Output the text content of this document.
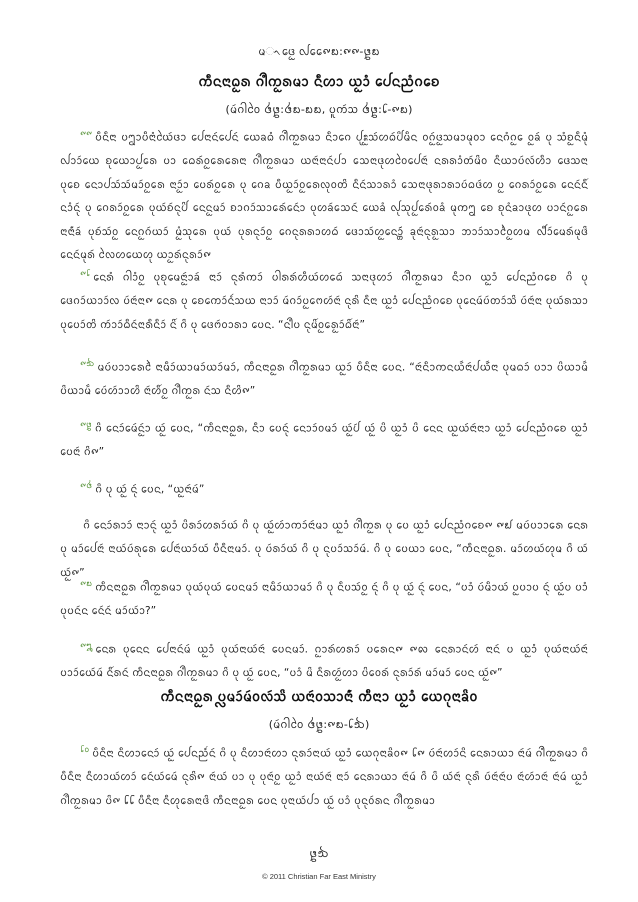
ᨾᨚᨴᩮᩬ ᩓᩯ᪑᪗:᪑᪑-᪔᪗
ᨠᩥᨶᨶᩣᨵᩬᩁ ᨣᩤᩴᨠᩬᩁᨾᩣ ᨶᩥᩉᩣ ᨿᩬᩣᩴ ᨸᩮᨶᨬᩴᨣᨧᩮ
(ᨾᩢᨣᩤᩅᩱ ᪕᪔:᪕᪗-᪗᪗, ᨷᩪᨠᩢᩈ ᪕᪔:᪒-᪑᪗)
$^{᪑᪑}$ ᨷᩥᨶᩥᨶᩣ ᨷᩂᩣᨷᩥᨶᩣᩴᨿᩱᩢᨴᩣ ᨸᩮᨶᩣᨶᩢᨸᩮᨶᩢ ᨿᩮᨡᨵᩴ ᨣᩤᩴᨠᩬᩁᨾᩣ ᨶᩥᩣᨣᩮ ᨸᩩᩡᩬᩈᩢᩉᨵᩢᨸᩦᨾᩥᨶ ᩅᨣᩬᩢᨴᩬᩈᨾᩣᨾᩩᩅᩣ ᨶᩮᨣᩴᨣᩬᩮ ᩅᩬᨡᩢ ᨷᩩ ᩈᩴᨧᩬᨶᩥᨾᩩᩴ ᩓᩣᩣᩢᨿᩮ ᨧᩩᨿᩮᩣᨸᩬᩁᩮ ᨷᩣ ᨵᩮᩁᩢᩅᩬᩁᩮᩁᩮᨶᩣ ᨣᩤᩴᨠᩬᩁᨾᩣ ᨿᨶᩣᩢᨶᩣᨶᩢᨸᩣ ᩈᩮᨶᩣᨴᩩᩉᩅᩱᨸᩮᨶᩣᩢ ᨶᩁᩁᩣᩴᨲᩢᨾᩦᩅ ᨶᩥᨿᩣᨷᩢᩃᩢᩉᩥᩣ ᨴᩮᩈᨶᩣ ᨷᩩᨧᩮ ᨶᩮᩣᨸᩈᩢᩈᩢᨾᩣᩢᩅᩬᩁᩮ ᨶᩣᩣᩬᩢᩣ ᨷᩮᩁᩢᩅᩬᩁᩮ ᨷᩩ ᨣᩮᨡ ᨷᩥᨿᩬᩣᩢᩅᩬᩁᩮᩃᩩᩅᨲᩦ ᨶᩥᨶᩢᩈᩣᩁᩣᩴ ᩈᩮᨶᩣᨴᩩᩁᩣᩁᩣᨷᩢᨵᨴᩢᩉ ᨷᩬ ᨣᩮᩁᩣᩢᩅᩬᩁᩮ ᨶᩮᨶᩢᨶᩥᩢ ᨶᩴᩣᨶᩩᩢ ᨷᩩ ᨣᩮᩁᩣᩢᩅᩬᩁᩮ ᨷᩩᨿᩢᨧᩢᨶᩩᨸᩦ ᨶᩮᨶᩬᨾᩣᩢ ᨧᩣᨣᩣᩢᩈᩣᩁᩮᩢᨶᩮᩢᩣ ᨷᩩᩉᨡᩢᩈᩮᨶᩢ ᨿᩮᨡᩴ ᩓᩩᩈᩩᨸᩬᩮᩁᩢᩅᨡᩴ ᨾᩩᨠᩂ ᨧᩮ ᨧᩩᨶᩴᨡᩣᨴᩩᩉ ᨷᩣᨶᩢᨣᩬᩁᩮ ᨶᩣᨶᩣᩢᩴᨡᩢ ᨷᩩᨧᩢᩈᩢᩅᩬ ᨶᩮᨣᩬᨣᩢᨿᩣᩢ ᨾᩴᩬᩈᩩᩁᩮ ᨷᩩᨿᩢ ᨷᩩᩁᨶᩩᩣᩢᩅᩬ ᨣᩮᨶᩩᩁᩁᩣᩉᨵᩢ ᨴᩮᩣᩈᩢᩉᩬᨶᩮᩣᩢ᩠ᨲᩢ ᨡᩩᨶᩣᩢᨶᩩᩁᩬᩈᩣ ᨽᩣᩣᩢᩈᩣᩱᩴᩅᩬᩉᨾ ᩓᩥᩣᩢᨾᩮᩁᩢᨾᩩᨴᩦ ᨶᩮᨶᩢᨾᩩᩁᩢ ᩃᩱᩉᨿᩮᩉᩩ ᨿᩣᩬᩁᩢᨶᩩᩁᩣᩢ᪑
$^{᪑᪒}$ ᨶᩮᩁᩴ ᨣᩤᩣᩴᩅᩬ ᨷᩩᨧᩩᨾᩮᨶᩣᩢᩬᩣᨡᩢ ᨶᩣᩣᩢ ᨶᩩᩁᩴᨠᩣᩢ ᨷᩤᩁᩁᩢᩉᩥᨿᩢᩉᨵᩮᩢ ᩈᨶᩣᨴᩩᩉᩣᩢ ᨣᩤᩴᨠᩬᩁᨾᩣ ᨶᩥᩣᨣ ᨿᩬᩣᩴ ᨸᩮᨶᨬᩴᨣᨧᩮ ᨣᩦ ᨷᩩ ᨴᩮᨣᩣᩢᨿᩣᩣᩢᩃ ᨷᩢᨶᩣᩢᨶᩣ᪑ ᨶᩮᩁ ᨷᩩ ᨧᩮᨠᩮᩣᩢᨶᩴᩢᩈᨿ ᨶᩣᩣᩣᩢ ᨾᩢᨣᩣᩢᨷᩬᨻᩮᩉᩢᨶᩣᩢ ᨶᩩᩁᩦ ᨶᩥᨶᩣ ᨿᩬᩣᩴ ᨸᩮᨶᨬᩴᨣᨧᩮ ᨷᩩᨶᩮᨾᩢᨷᩢᨲᩣᩢᩈᩦ ᨷᩢᨶᩣᩢᨶᩣ ᨷᩩᨿᩢᩁᩈᩣ ᨷᩩᨷᩮᩣᩢᨲᩦ ᨠᩢᩣᩣᩢᨵᩥᨶᩢᨶᩣᩁᩥᨶᩥᩣᩢ ᨶᩦᩢ ᨣᩦ ᨷᩩ ᨴᩮᨻᩢᩅᩣᩁᩣ ᨷᩮᨶ. “ᨶᩤᩴᨷ ᨶᩩᨾᩦᩢᩅᩬᩁᩮᩬᩣᩢᨵᩦᩢᨶᩣᩢ”
$^{᪑᪓}$ ᨾᨷᩢᨷᩣᩣᩁᩮᩱᩢ ᨶᩣᨾᩥᩣᩢᨿᩣᨾᩣᩢᨿᩣᩢᨾᩣᩢ, ᨠᩥᨶᨶᩣᨵᩬᩁ ᨣᩤᩴᨠᩬᩁᨾᩣ ᨿᩬᩣᩢ ᨷᩥᨶᩥᨶᩣ ᨷᩮᨶ. “ᨶᩣᩢᨶᩥᩣᨠᨶᨿᩢᩢᨶᩣᩢᨸᨿᩢᩢᩢᨶᩣ ᨷᩩᨾᨵᩣᩢ ᨷᩣᩣ ᨷᩦᨿᩣᨾᩢᩢ ᨷᩦᨿᩣᨾᩢᩢ ᨷᩮᩢᩉᩢᩣᩣᩉᩦ ᨶᩣᩢᩉᩥᩢᩅᩬ ᨣᩤᩴᨠᩬᩁ ᨶᩢᩈ ᨶᩥᩉᩦ᪑”
$^{᪑᪔}$ ᨣᩦ ᨶᩮᩣᩢᨾᩮᩢᨶᩬᩢᩣ ᨿᩬᩢ ᨷᩮᨶ, “ᨠᩥᨶᨶᩣᨵᩬᩁ, ᨶᩥᩣ ᨷᩮᨶᩩᩢ ᨶᩮᩣᩣᩢᩅᨾᩣᩢ ᨿᩬᩢᨸᩢ ᨿᩬᩢ ᨷᩦ ᨿᩬᩣᩴ ᨷᩦ ᨶᩮᨶ ᨿᩬᨿᩢᨶᩣᩢᨶᩣᩣ ᨿᩬᩣᩴ ᨸᩮᨶᨬᩴᨣᨧᩮ ᨿᩬᩣᩴ ᨷᩮᨶᩣᩢ ᨣᩦ᪑”
$^{᪑᪕}$ ᨣᩦ ᨷᩩ ᨿᩬᩢ ᨶᩩᩢ ᨷᩮᨶ, “ᨿᩬᨶᩣᩢᨾᩢ”
ᨣᩦ ᨶᩮᩣᩢᩁᩣᩣᩢ ᨶᩣᩣᨶᩩᩢ ᨿᩬᩣᩴ ᨷᩦᩁᩣᩢᩉᩁᩣᩢᨿᩢ ᨣᩦ ᨷᩩ ᨿᩬᩢᩉᩢᩣᨠᩣᩢᨶᩣᩢᨾᩣ ᨿᩬᩣᩴ ᨣᩤᩴᨠᩬᩁ ᨷᩩ ᨷᩮ ᨿᩬᩣᩴ ᨸᩮᨶᨬᩴᨣᨧᩮ᪑ ᪑᪖ ᨾᨷᩢᨷᩣᩣᩁᩮ ᨶᩮᩁ ᨷᩩ ᨾᩣᩢᨸᩮᨶᩣᩢ ᨶᩣᨿᩢᨷᩢᩁᩩᩁᩮ ᨸᩮᨶᩣᩢᨿᩣᩢᨿᩢ ᨷᩥᨶᩥᨶᩣᨾᩣᩢ. ᨷᩩ ᨷᩢᩁᩣᩢᨿᩢ ᨣᩦ ᨷᩩ ᨶᩩᨷᩣᩢᩈᩣᩢᨾᩢ. ᨣᩦ ᨷᩩ ᨷᩮᨿᩣ ᨷᩮᨶ, “ᨠᩥᨶᨶᩣᨵᩬᩁ. ᨾᩣᩢᩉᨿᩢᩉᩩᨾ ᨣᩦ ᨿᩢ ᨿᩬᩢ᪑”
$^{᪑᪗}$ ᨠᩥᨶᨶᩣᨵᩬᩁ ᨣᩤᩴᨠᩬᩁᨾᩣ ᨷᩩᨿᩢᨷᩩᨿᩢ ᨷᩮᨶᨾᩣᩢ ᨶᩣᨾᩥᩣᩢᨿᩣᨾᩣᩢ ᨣᩦ ᨷᩩ ᨶᩥᨷᩈᩢᩅᩬ ᨶᩩᩢ ᨣᩦ ᨷᩩ ᨿᩬᩢ ᨶᩩᩢ ᨷᩮᨶ, “ᨷᩣᩴ ᨷᩢᨾᩥᩣᨿᩢ ᨷᩬᨷᩣᨷ ᨶᩩᩢ ᨿᩬᩢᨷ ᨷᩣᩴ ᨷᩩᨷᨶᩢᨶ ᨶᩮᩢᨶᩢ ᨾᩣᩢᨿᩢᩣ?”
$^{᪑᪘}$ ᨶᩮᩁ ᨷᩩᨶᩮᨶ ᨸᩮᨶᩣᨶᩢᨾᩢ ᨿᩬᩣᩴ ᨷᩩᨿᩢᨶᩣᨿᩢᨶᩣᩢ ᨷᩮᨶᨾᩣᩢ. ᨣᩬᩣᩁᩢᩉᩁᩣᩢ ᨷᩁᩮᨶ᪑ ᪑᪙ ᨶᩮᩁᩣᨶᩢᩉᩢ ᨶᩣᨶᩢ ᨷ ᨿᩬᩣᩴ ᨷᩩᨿᩢᨶᩣᨿᩢᨶᩣᩢ ᨷᩣᩣᩢᨿᩮᩢᨾᩢ ᨶᩥᩢᩁᨶᩢ ᨠᩥᨶᨶᩣᨵᩬᩁ ᨣᩤᩴᨠᩬᩁᨾᩣ ᨣᩦ ᨷᩩ ᨿᩬᩢ ᨷᩮᨶ, “ᨷᩣᩴ ᨾᩦ ᨶᩥᩁᩉᩢᩬᩉᩣ ᨷᩦᩅᩮᩁᩢ ᨶᩩᩁᩣᩢᩁᩢ ᨾᩣᩢᨾᩣᩢ ᨷᩮᨶ ᨿᩬᩢ᪑”
ᨠᩥᨶᨶᩣᨵᩬᩁ ᨷᩖᨾᩣᩢᨾᩢᩅᩃᩢᩈᩦ ᨿᨶᩣᩢᩅᩈᩣᨶᩣᩢᩴ ᨠᩥᨶᩣᩣ ᨿᩬᩣᩴ ᨿᩮᨣᩩᨶᩣᨡᩦᩅ
(ᨾᩢᨣᩤᩅᩱ ᪕᪔:᪑᪗-᪒᪓)
$^{᪒᪐}$ ᨷᩥᨶᩥᨶᩣ ᨶᩥᩉᩣᨶᩮᩣᩢ ᨿᩬᩢ ᨸᩮᨶᨬᩴᩢᨶᩢ ᨣᩦ ᨷᩩ ᨶᩥᩉᩣᨶᩣᩢᩉᩣ ᨶᩩᩁᩣᩢᨶᩣᨿᩢ ᨿᩬᩣᩴ ᨿᩮᨣᩩᨶᩣᨡᩦᩅ᪑ ᪒᪑ ᨷᩢᨶᩣᩢᩉᩣᩢᨶᩦ ᨶᩮᩁᩣᨿᩣ ᨶᩣᩢᨾᩢ ᨣᩤᩴᨠᩬᩁᨾᩣ ᨣᩦ ᨷᩥᨶᩥᨶᩣ ᨶᩥᩉᩣᨿᩢᩉᩣᩢ ᨶᩮᩢᨿᩢᨾᩮᩢ ᨶᩩᩁᩦ᪑ ᨶᩣᩢᨿᩢ ᨷᩣ ᨷᩩ ᨷᩩᨶᩣᩢᩅᩬ ᨿᩬᩣᩴ ᨶᩣᨿᩢᨶᩣᩢ ᨶᩣᩣᩢ ᨶᩮᩁᩣᨿᩣ ᨶᩣᩢᨾᩢ ᨣᩦ ᨷᩦ ᨿᩢᨶᩣᩢ ᨶᩩᩁᩦ ᨷᩢᨶᩣᩢᨶᩣᩢᨷ ᨶᩣᩢᩉᩢᩣᨶᩣᩢ ᨶᩣᩢᨾᩢ ᨿᩬᩣᩴ ᨣᩤᩴᨠᩬᩁᨾᩣ ᨷᩦ᪑ ᪒᪒ ᨷᩥᨶᩥᨶᩣ ᨶᩥᩉᩩᩁᩮᨶᩣᨴᩦ ᨠᩥᨶᨶᩣᨵᩬᩁ ᨷᩮᨶ ᨷᩩᨶᩣᨿᩢᨸᩣ ᨿᩬᩢ ᨷᩣᩴ ᨷᩩᨶᩩᩅᩢᩁᨶ ᨣᩤᩴᨠᩬᩁᨾᩣ
᪔᪓
© 2011 Christian Far East Ministry
